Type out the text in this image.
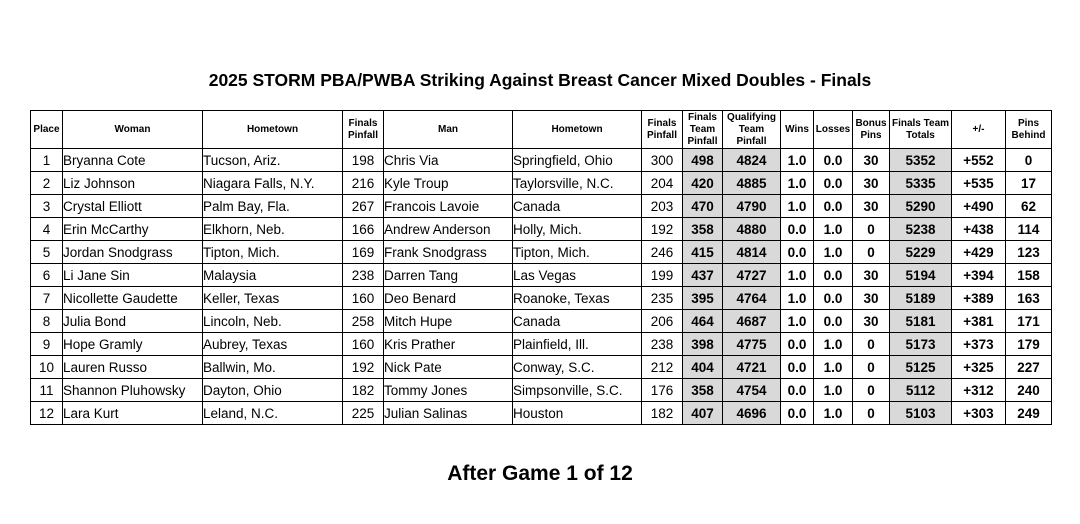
2025 STORM PBA/PWBA Striking Against Breast Cancer Mixed Doubles - Finals
Place	Woman	Hometown	Finals Pinfall	Man	Hometown	Finals Pinfall	Finals Team Pinfall	Qualifying Team Pinfall	Wins	Losses	Bonus Pins	Finals Team Totals	+/-	Pins Behind
1	Bryanna Cote	Tucson, Ariz.	198	Chris Via	Springfield, Ohio	300	498	4824	1.0	0.0	30	5352	+552	0
2	Liz Johnson	Niagara Falls, N.Y.	216	Kyle Troup	Taylorsville, N.C.	204	420	4885	1.0	0.0	30	5335	+535	17
3	Crystal Elliott	Palm Bay, Fla.	267	Francois Lavoie	Canada	203	470	4790	1.0	0.0	30	5290	+490	62
4	Erin McCarthy	Elkhorn, Neb.	166	Andrew Anderson	Holly, Mich.	192	358	4880	0.0	1.0	0	5238	+438	114
5	Jordan Snodgrass	Tipton, Mich.	169	Frank Snodgrass	Tipton, Mich.	246	415	4814	0.0	1.0	0	5229	+429	123
6	Li Jane Sin	Malaysia	238	Darren Tang	Las Vegas	199	437	4727	1.0	0.0	30	5194	+394	158
7	Nicollette Gaudette	Keller, Texas	160	Deo Benard	Roanoke, Texas	235	395	4764	1.0	0.0	30	5189	+389	163
8	Julia Bond	Lincoln, Neb.	258	Mitch Hupe	Canada	206	464	4687	1.0	0.0	30	5181	+381	171
9	Hope Gramly	Aubrey, Texas	160	Kris Prather	Plainfield, Ill.	238	398	4775	0.0	1.0	0	5173	+373	179
10	Lauren Russo	Ballwin, Mo.	192	Nick Pate	Conway, S.C.	212	404	4721	0.0	1.0	0	5125	+325	227
11	Shannon Pluhowsky	Dayton, Ohio	182	Tommy Jones	Simpsonville, S.C.	176	358	4754	0.0	1.0	0	5112	+312	240
12	Lara Kurt	Leland, N.C.	225	Julian Salinas	Houston	182	407	4696	0.0	1.0	0	5103	+303	249
After Game 1 of 12
